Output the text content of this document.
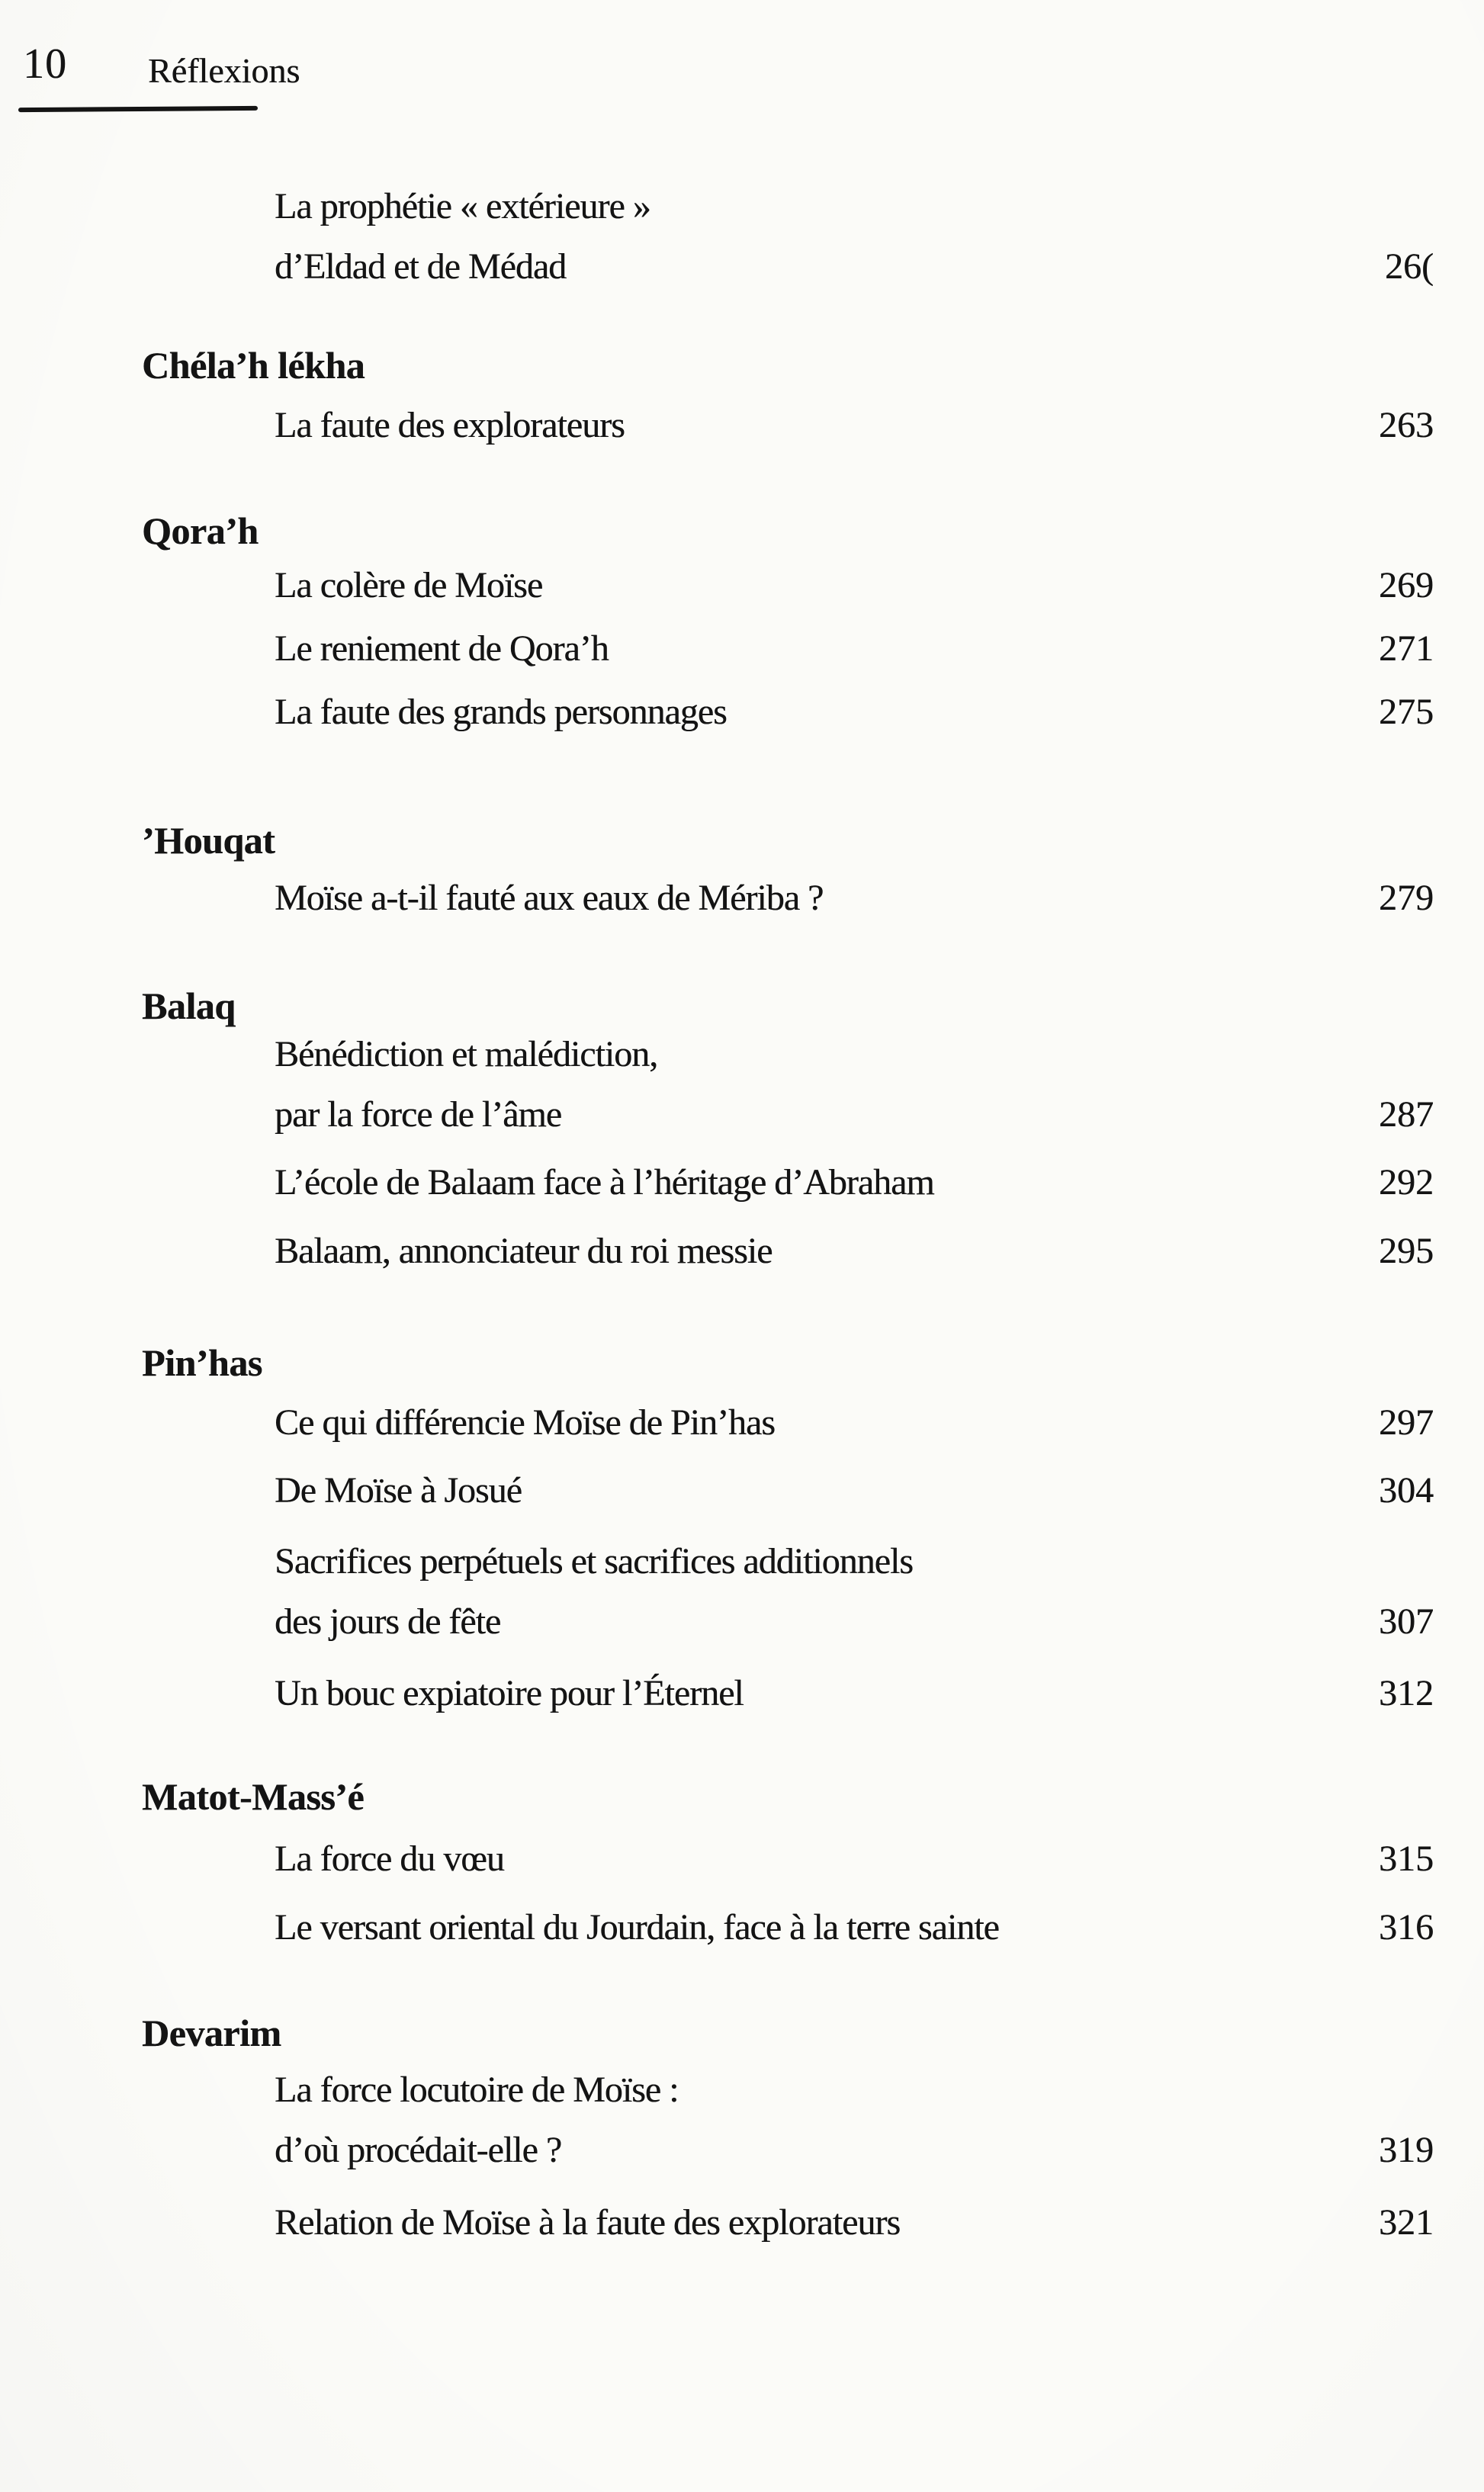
10 Réflexions
La prophétie « extérieure »
d’Eldad et de Médad	26(
Chéla’h lékha
La faute des explorateurs	263
Qora’h
La colère de Moïse	269
Le reniement de Qora’h	271
La faute des grands personnages	275
’Houqat
Moïse a-t-il fauté aux eaux de Mériba ?	279
Balaq
Bénédiction et malédiction,
par la force de l’âme	287
L’école de Balaam face à l’héritage d’Abraham	292
Balaam, annonciateur du roi messie	295
Pin’has
Ce qui différencie Moïse de Pin’has	297
De Moïse à Josué	304
Sacrifices perpétuels et sacrifices additionnels
des jours de fête	307
Un bouc expiatoire pour l’Éternel	312
Matot-Mass’é
La force du vœu	315
Le versant oriental du Jourdain, face à la terre sainte	316
Devarim
La force locutoire de Moïse :
d’où procédait-elle ?	319
Relation de Moïse à la faute des explorateurs	321
